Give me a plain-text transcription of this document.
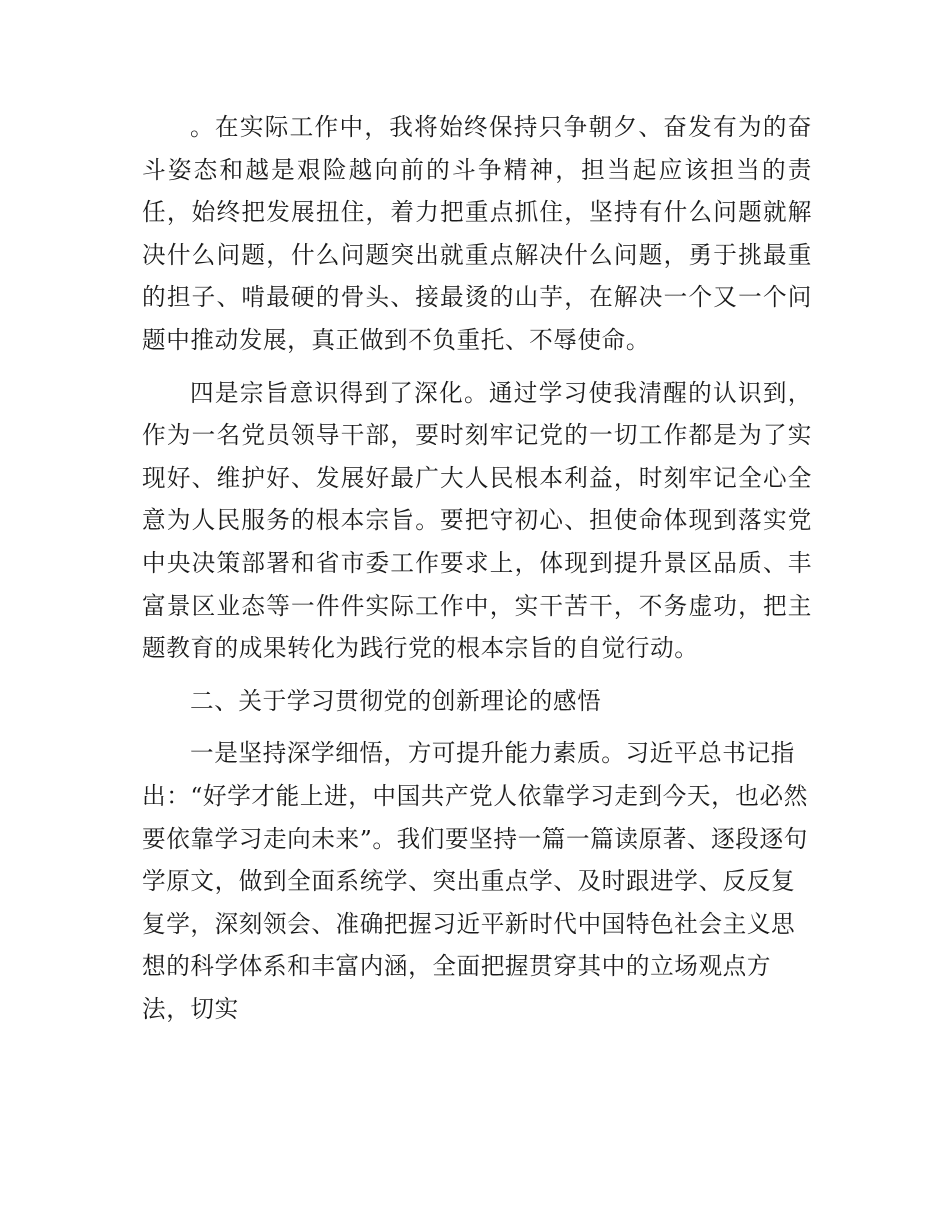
。在实际工作中，我将始终保持只争朝夕、奋发有为的奋斗姿态和越是艰险越向前的斗争精神，担当起应该担当的责任，始终把发展扭住，着力把重点抓住，坚持有什么问题就解决什么问题，什么问题突出就重点解决什么问题，勇于挑最重的担子、啃最硬的骨头、接最烫的山芋，在解决一个又一个问题中推动发展，真正做到不负重托、不辱使命。

四是宗旨意识得到了深化。通过学习使我清醒的认识到，作为一名党员领导干部，要时刻牢记党的一切工作都是为了实现好、维护好、发展好最广大人民根本利益，时刻牢记全心全意为人民服务的根本宗旨。要把守初心、担使命体现到落实党中央决策部署和省市委工作要求上，体现到提升景区品质、丰富景区业态等一件件实际工作中，实干苦干，不务虚功，把主题教育的成果转化为践行党的根本宗旨的自觉行动。

二、关于学习贯彻党的创新理论的感悟

一是坚持深学细悟，方可提升能力素质。习近平总书记指出：“好学才能上进，中国共产党人依靠学习走到今天，也必然要依靠学习走向未来”。我们要坚持一篇一篇读原著、逐段逐句学原文，做到全面系统学、突出重点学、及时跟进学、反反复复学，深刻领会、准确把握习近平新时代中国特色社会主义思想的科学体系和丰富内涵，全面把握贯穿其中的立场观点方法，切实
